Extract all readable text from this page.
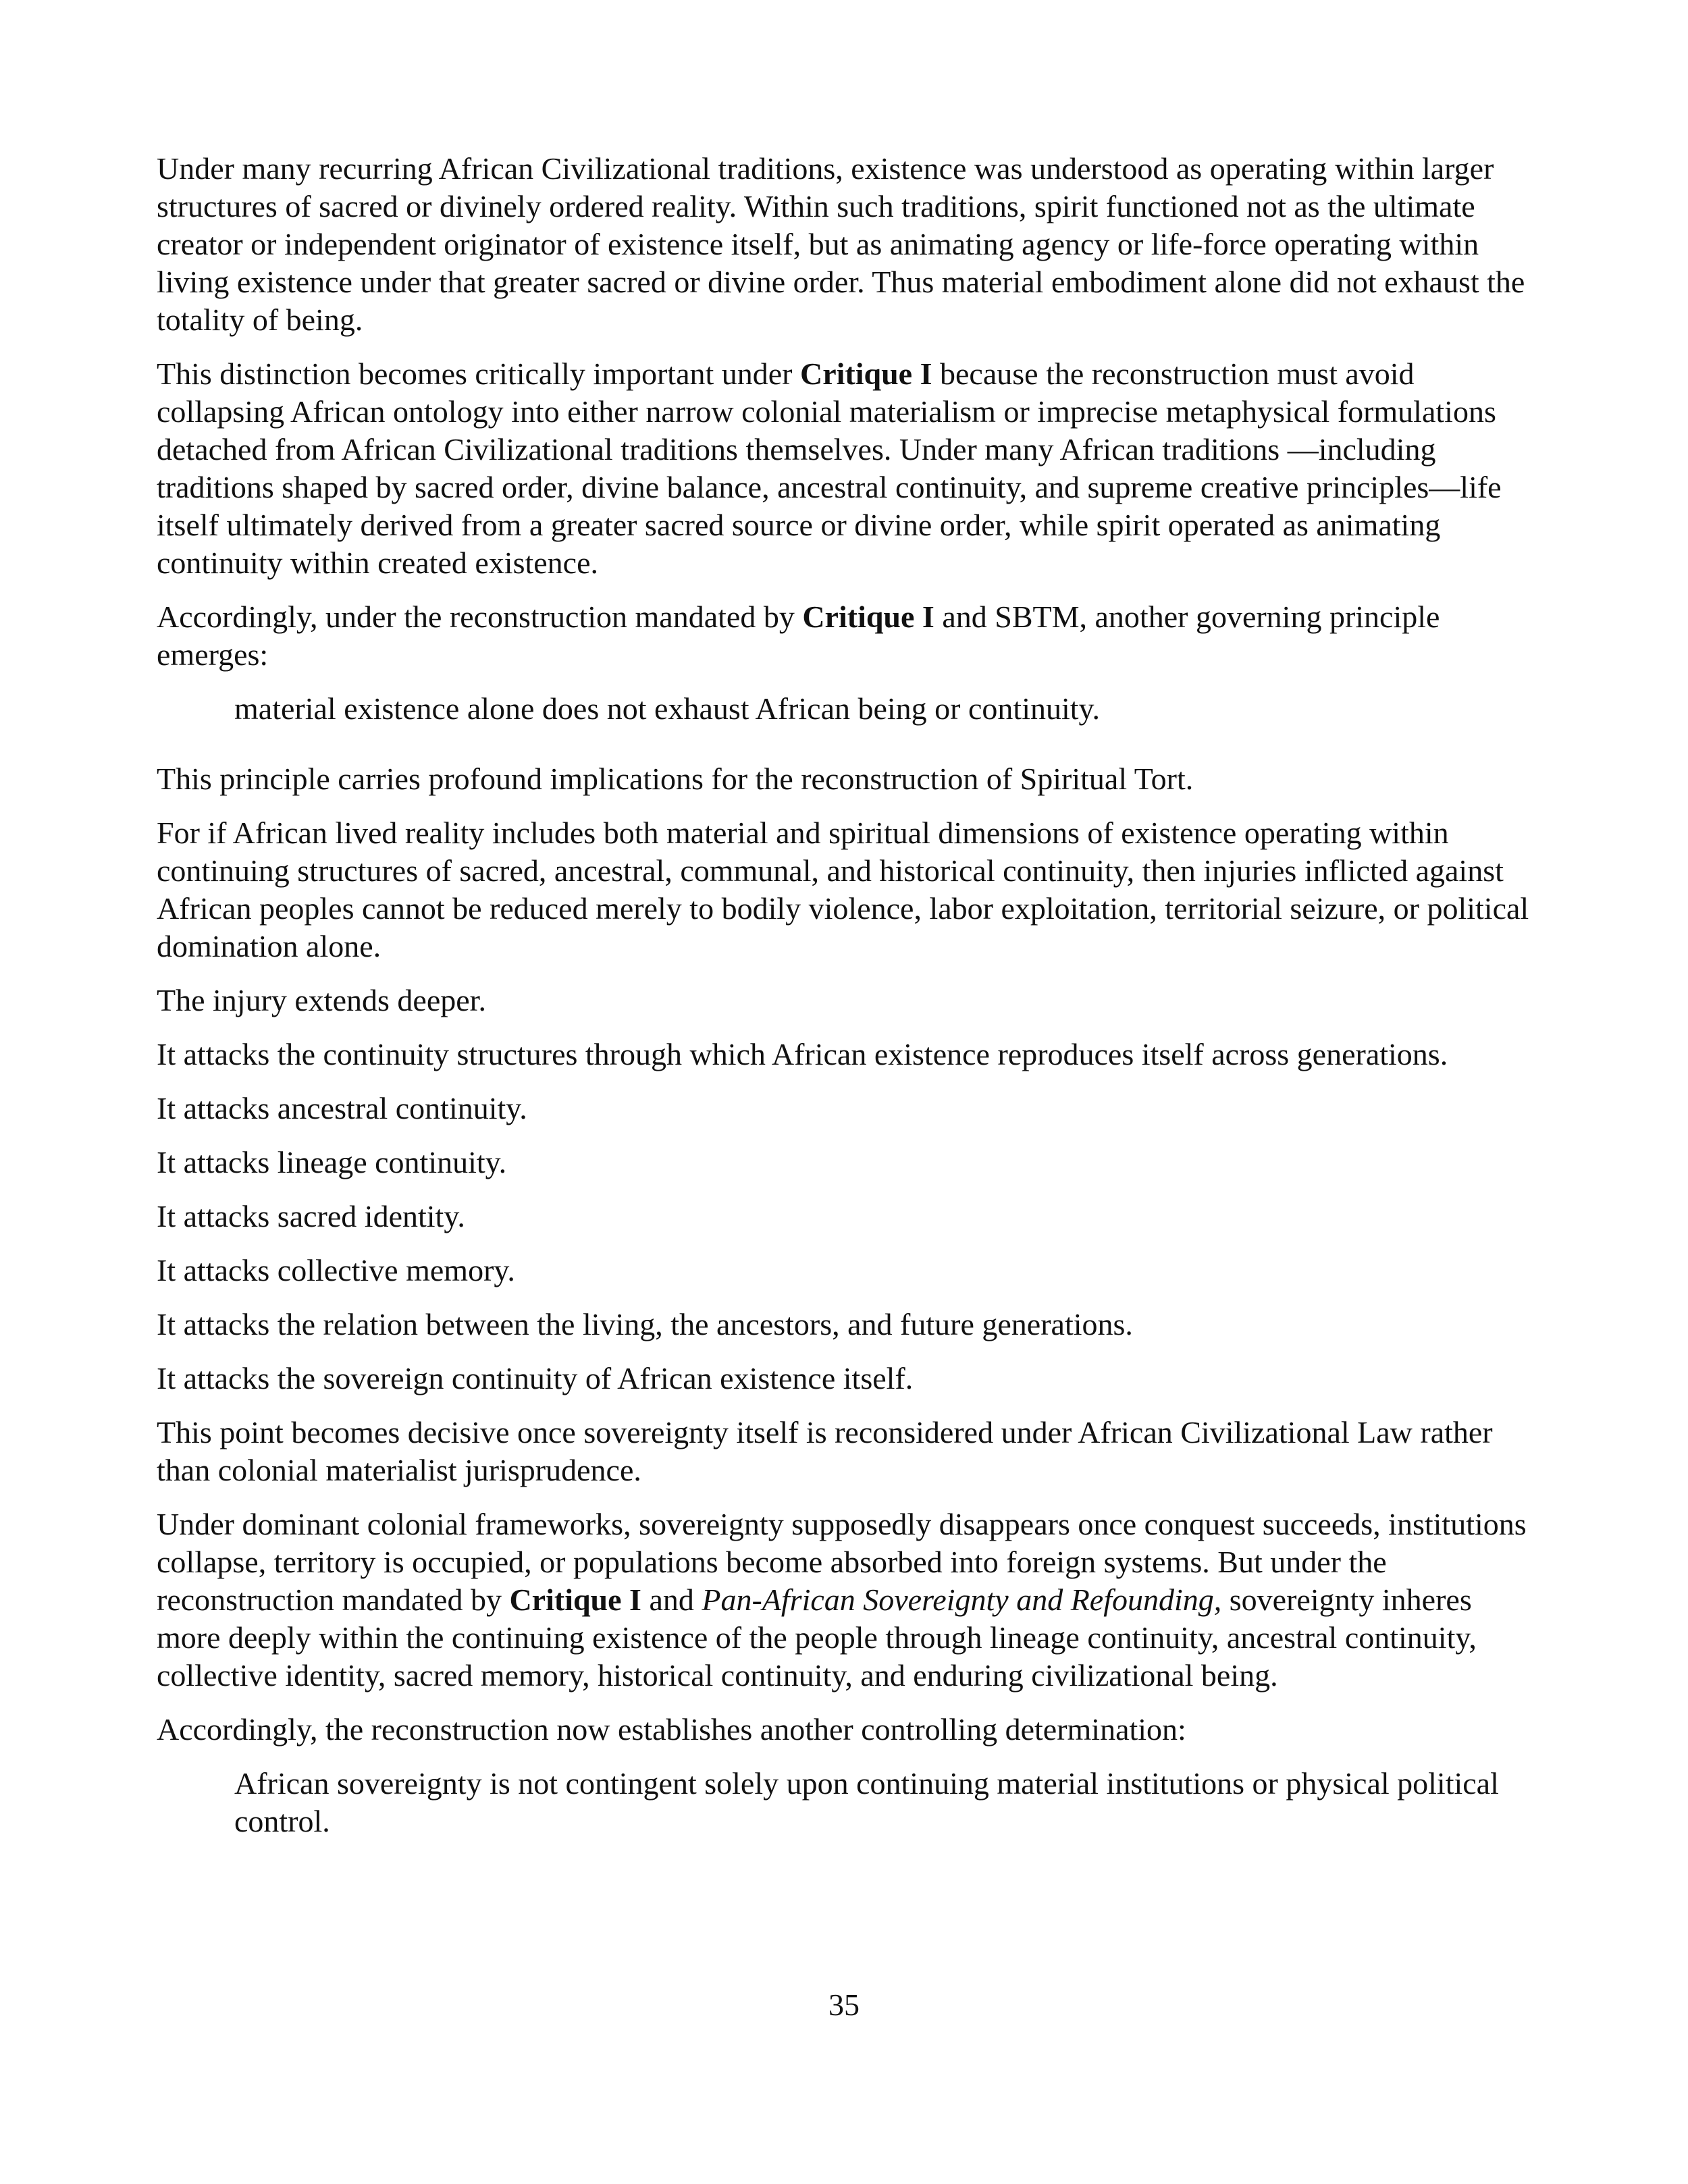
Under many recurring African Civilizational traditions, existence was understood as operating within larger structures of sacred or divinely ordered reality. Within such traditions, spirit functioned not as the ultimate creator or independent originator of existence itself, but as animating agency or life-force operating within living existence under that greater sacred or divine order. Thus material embodiment alone did not exhaust the totality of being.

This distinction becomes critically important under Critique I because the reconstruction must avoid collapsing African ontology into either narrow colonial materialism or imprecise metaphysical formulations detached from African Civilizational traditions themselves. Under many African traditions —including traditions shaped by sacred order, divine balance, ancestral continuity, and supreme creative principles—life itself ultimately derived from a greater sacred source or divine order, while spirit operated as animating continuity within created existence.

Accordingly, under the reconstruction mandated by Critique I and SBTM, another governing principle emerges:

material existence alone does not exhaust African being or continuity.

This principle carries profound implications for the reconstruction of Spiritual Tort.

For if African lived reality includes both material and spiritual dimensions of existence operating within continuing structures of sacred, ancestral, communal, and historical continuity, then injuries inflicted against African peoples cannot be reduced merely to bodily violence, labor exploitation, territorial seizure, or political domination alone.

The injury extends deeper.

It attacks the continuity structures through which African existence reproduces itself across generations.

It attacks ancestral continuity.

It attacks lineage continuity.

It attacks sacred identity.

It attacks collective memory.

It attacks the relation between the living, the ancestors, and future generations.

It attacks the sovereign continuity of African existence itself.

This point becomes decisive once sovereignty itself is reconsidered under African Civilizational Law rather than colonial materialist jurisprudence.

Under dominant colonial frameworks, sovereignty supposedly disappears once conquest succeeds, institutions collapse, territory is occupied, or populations become absorbed into foreign systems. But under the reconstruction mandated by Critique I and Pan-African Sovereignty and Refounding, sovereignty inheres more deeply within the continuing existence of the people through lineage continuity, ancestral continuity, collective identity, sacred memory, historical continuity, and enduring civilizational being.

Accordingly, the reconstruction now establishes another controlling determination:

African sovereignty is not contingent solely upon continuing material institutions or physical political control.

35
